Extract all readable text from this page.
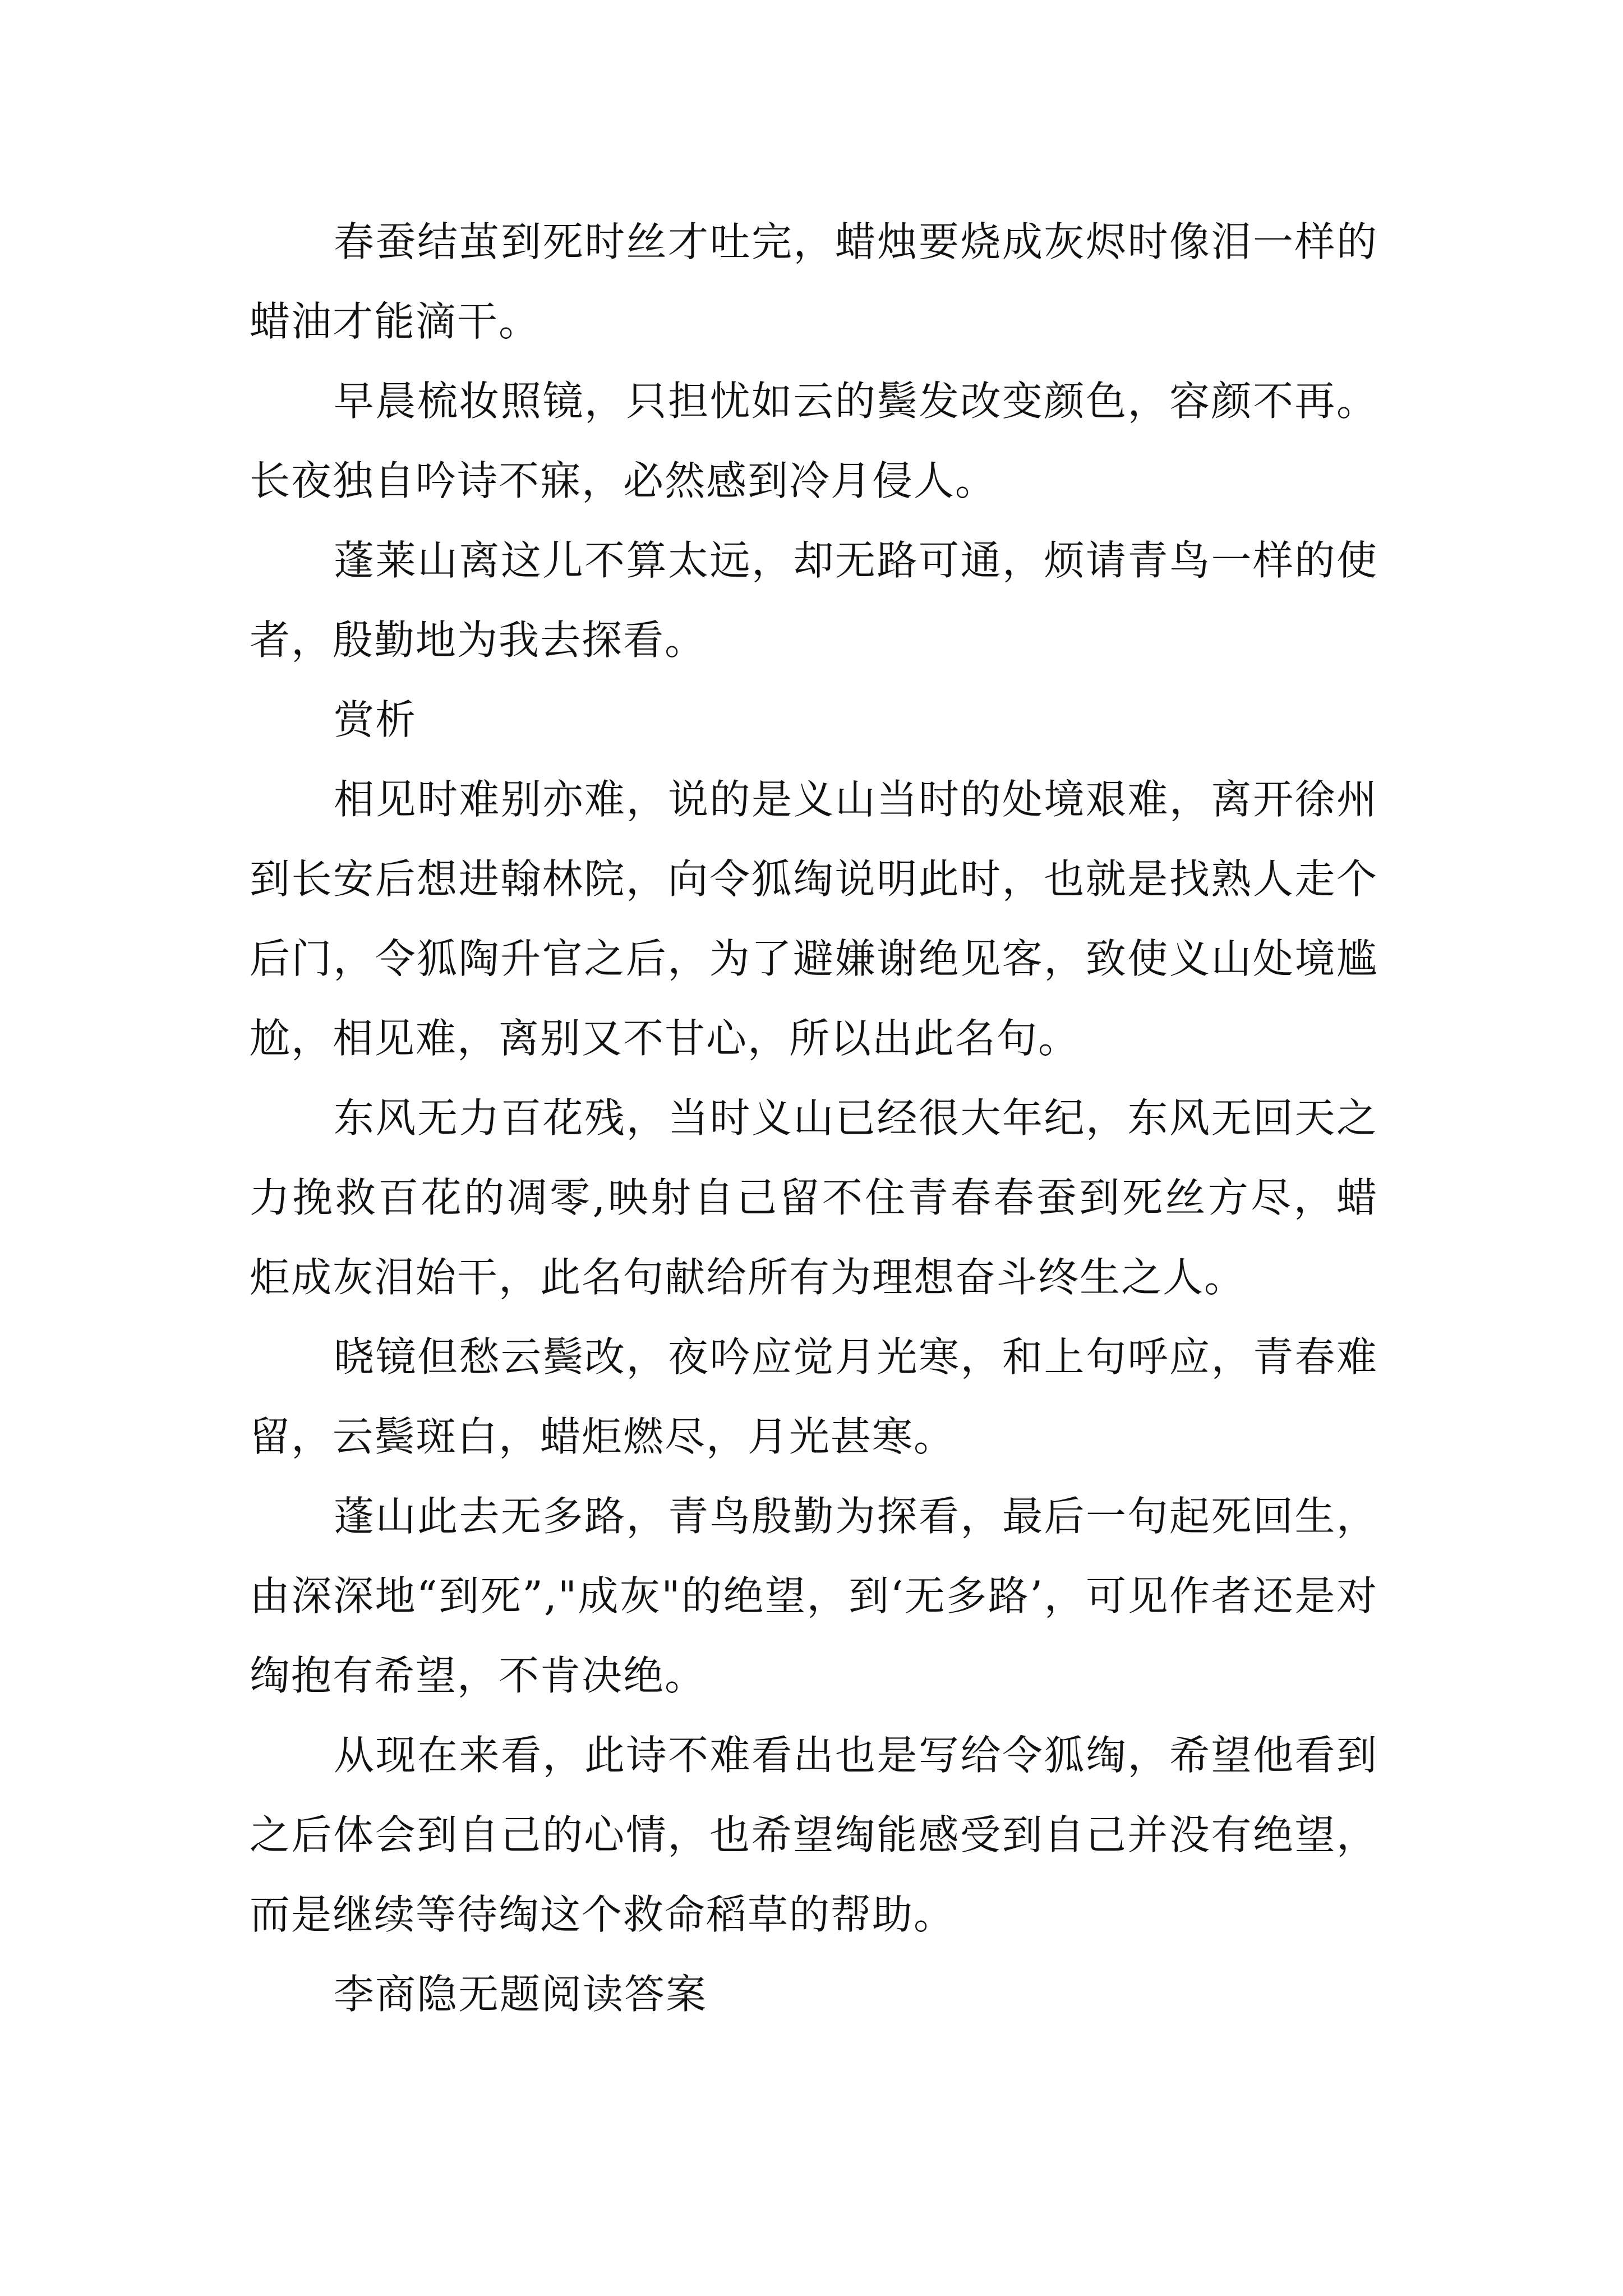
春蚕结茧到死时丝才吐完，蜡烛要烧成灰烬时像泪一样的蜡油才能滴干。

早晨梳妆照镜，只担忧如云的鬓发改变颜色，容颜不再。长夜独自吟诗不寐，必然感到冷月侵人。

蓬莱山离这儿不算太远，却无路可通，烦请青鸟一样的使者，殷勤地为我去探看。

赏析

相见时难别亦难，说的是义山当时的处境艰难，离开徐州到长安后想进翰林院，向令狐绹说明此时，也就是找熟人走个后门，令狐陶升官之后，为了避嫌谢绝见客，致使义山处境尴尬，相见难，离别又不甘心，所以出此名句。

东风无力百花残，当时义山已经很大年纪，东风无回天之力挽救百花的凋零,映射自己留不住青春春蚕到死丝方尽，蜡炬成灰泪始干，此名句献给所有为理想奋斗终生之人。

晓镜但愁云鬓改，夜吟应觉月光寒，和上句呼应，青春难留，云鬓斑白，蜡炬燃尽，月光甚寒。

蓬山此去无多路，青鸟殷勤为探看，最后一句起死回生，由深深地“到死”,"成灰"的绝望，到‘无多路’，可见作者还是对绹抱有希望，不肯决绝。

从现在来看，此诗不难看出也是写给令狐绹，希望他看到之后体会到自己的心情，也希望绹能感受到自己并没有绝望，而是继续等待绹这个救命稻草的帮助。

李商隐无题阅读答案
